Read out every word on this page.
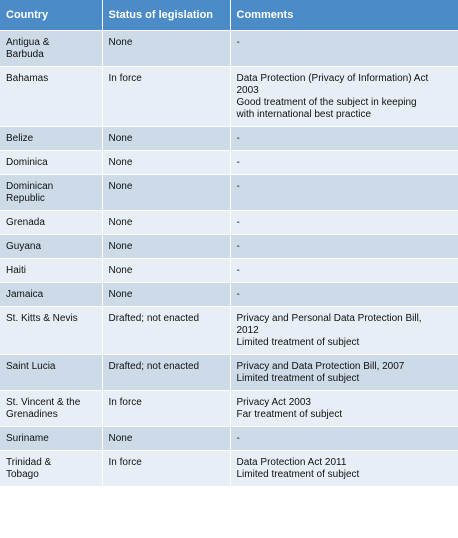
Country	Status of legislation	Comments

Antigua &
Barbuda	None	-

Bahamas	In force	Data Protection (Privacy of Information) Act
2003
Good treatment of the subject in keeping
with international best practice

Belize	None	-

Dominica	None	-

Dominican
Republic	None	-

Grenada	None	-

Guyana	None	-

Haiti	None	-

Jamaica	None	-

St. Kitts & Nevis	Drafted; not enacted	Privacy and Personal Data Protection Bill,
2012
Limited treatment of subject

Saint Lucia	Drafted; not enacted	Privacy and Data Protection Bill, 2007
Limited treatment of subject

St. Vincent & the
Grenadines	In force	Privacy Act 2003
Far treatment of subject

Suriname	None	-

Trinidad &
Tobago	In force	Data Protection Act 2011
Limited treatment of subject
